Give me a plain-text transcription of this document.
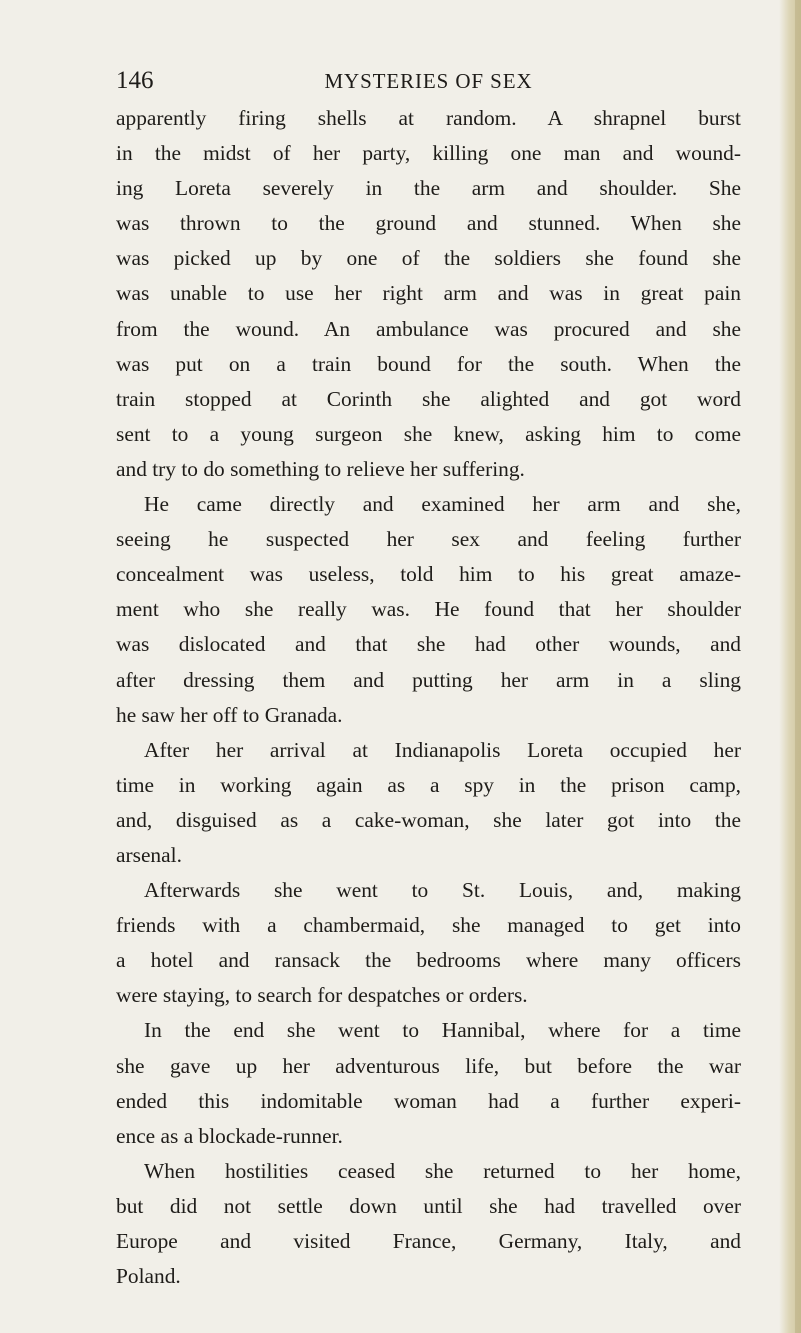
146	MYSTERIES OF SEX
apparently firing shells at random. A shrapnel burst
in the midst of her party, killing one man and wound-
ing Loreta severely in the arm and shoulder. She
was thrown to the ground and stunned. When she
was picked up by one of the soldiers she found she
was unable to use her right arm and was in great pain
from the wound. An ambulance was procured and she
was put on a train bound for the south. When the
train stopped at Corinth she alighted and got word
sent to a young surgeon she knew, asking him to come
and try to do something to relieve her suffering.
He came directly and examined her arm and she,
seeing he suspected her sex and feeling further
concealment was useless, told him to his great amaze-
ment who she really was. He found that her shoulder
was dislocated and that she had other wounds, and
after dressing them and putting her arm in a sling
he saw her off to Granada.
After her arrival at Indianapolis Loreta occupied her
time in working again as a spy in the prison camp,
and, disguised as a cake-woman, she later got into the
arsenal.
Afterwards she went to St. Louis, and, making
friends with a chambermaid, she managed to get into
a hotel and ransack the bedrooms where many officers
were staying, to search for despatches or orders.
In the end she went to Hannibal, where for a time
she gave up her adventurous life, but before the war
ended this indomitable woman had a further experi-
ence as a blockade-runner.
When hostilities ceased she returned to her home,
but did not settle down until she had travelled over
Europe and visited France, Germany, Italy, and
Poland.
